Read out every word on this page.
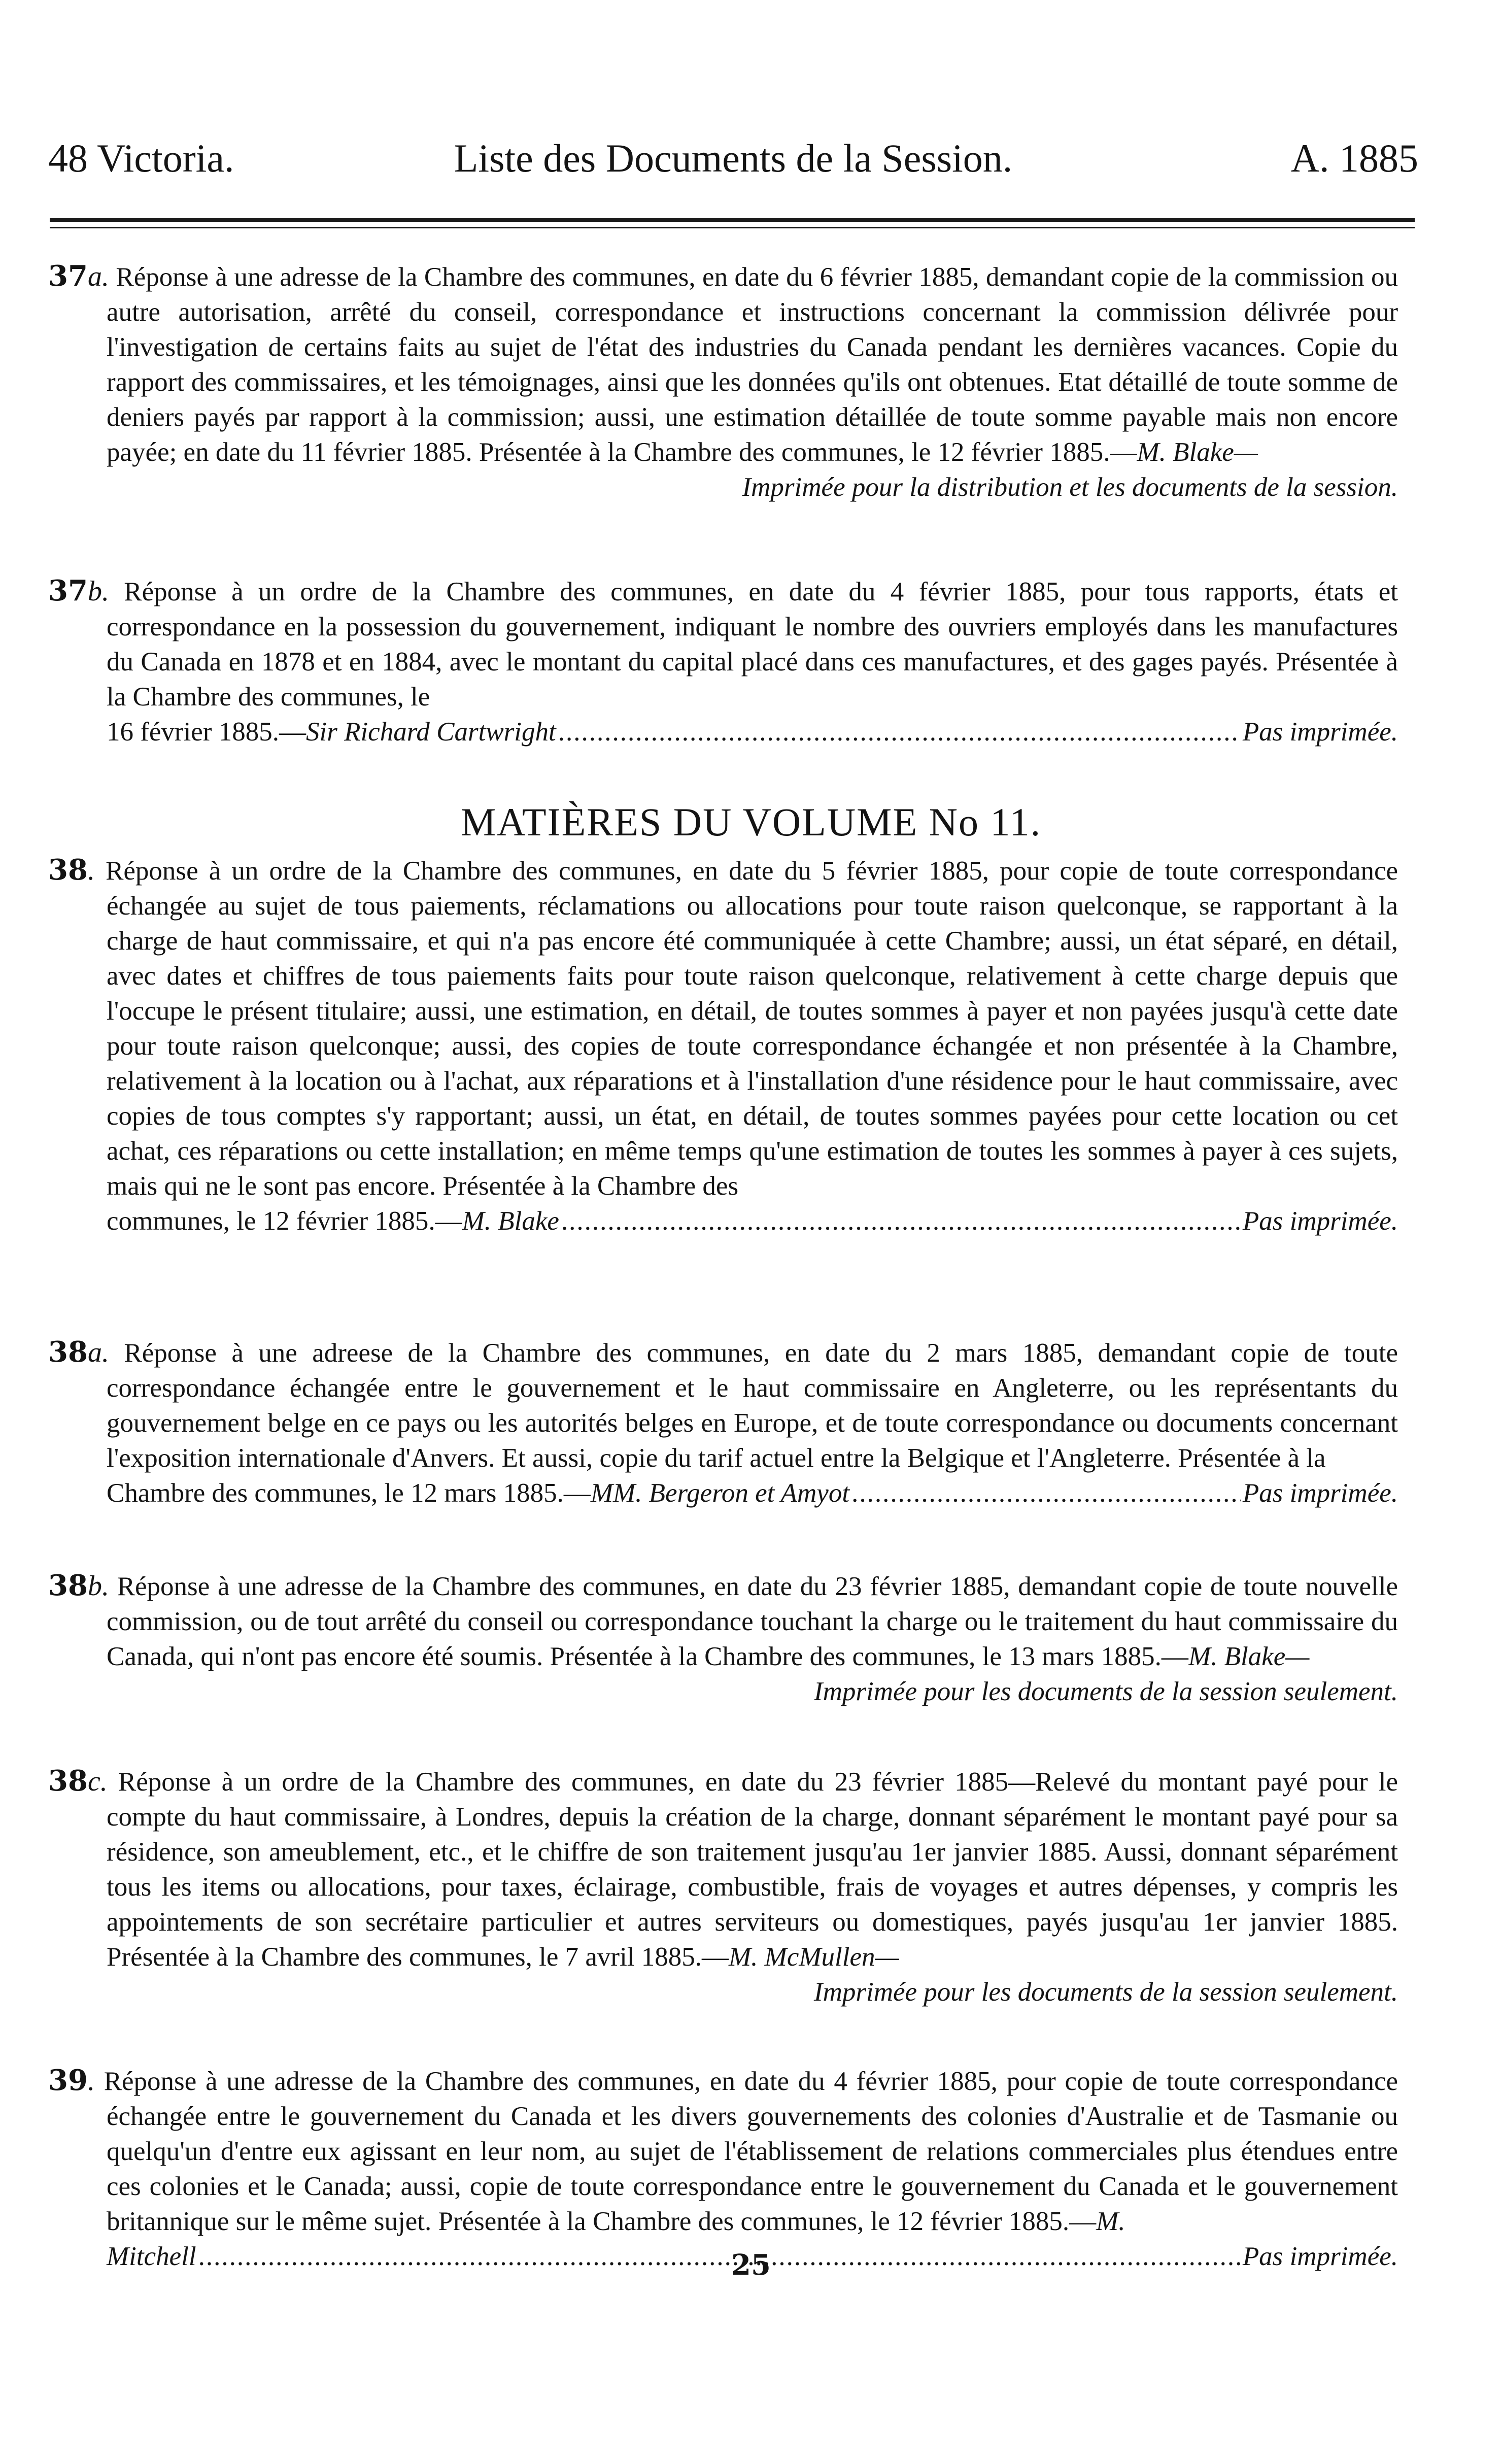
48 Victoria.	Liste des Documents de la Session.	A. 1885

37a. Réponse à une adresse de la Chambre des communes, en date du 6 février 1885, demandant copie de la commission ou autre autorisation, arrêté du conseil, correspondance et instructions concernant la commission délivrée pour l'investigation de certains faits au sujet de l'état des industries du Canada pendant les dernières vacances. Copie du rapport des commissaires, et les témoignages, ainsi que les données qu'ils ont obtenues. Etat détaillé de toute somme de deniers payés par rapport à la commission; aussi, une estimation détaillée de toute somme payable mais non encore payée; en date du 11 février 1885. Présentée à la Chambre des communes, le 12 février 1885.—M. Blake—
Imprimée pour la distribution et les documents de la session.

37b. Réponse à un ordre de la Chambre des communes, en date du 4 février 1885, pour tous rapports, états et correspondance en la possession du gouvernement, indiquant le nombre des ouvriers employés dans les manufactures du Canada en 1878 et en 1884, avec le montant du capital placé dans ces manufactures, et des gages payés. Présentée à la Chambre des communes, le
16 février 1885.—Sir Richard Cartwright .....	Pas imprimée.

MATIÈRES DU VOLUME No 11.

38. Réponse à un ordre de la Chambre des communes, en date du 5 février 1885, pour copie de toute correspondance échangée au sujet de tous paiements, réclamations ou allocations pour toute raison quelconque, se rapportant à la charge de haut commissaire, et qui n'a pas encore été communiquée à cette Chambre; aussi, un état séparé, en détail, avec dates et chiffres de tous paiements faits pour toute raison quelconque, relativement à cette charge depuis que l'occupe le présent titulaire; aussi, une estimation, en détail, de toutes sommes à payer et non payées jusqu'à cette date pour toute raison quelconque; aussi, des copies de toute correspondance échangée et non présentée à la Chambre, relativement à la location ou à l'achat, aux réparations et à l'installation d'une résidence pour le haut commissaire, avec copies de tous comptes s'y rapportant; aussi, un état, en détail, de toutes sommes payées pour cette location ou cet achat, ces réparations ou cette installation; en même temps qu'une estimation de toutes les sommes à payer à ces sujets, mais qui ne le sont pas encore. Présentée à la Chambre des
communes, le 12 février 1885.—M. Blake .....	Pas imprimée.

38a. Réponse à une adreese de la Chambre des communes, en date du 2 mars 1885, demandant copie de toute correspondance échangée entre le gouvernement et le haut commissaire en Angleterre, ou les représentants du gouvernement belge en ce pays ou les autorités belges en Europe, et de toute correspondance ou documents concernant l'exposition internationale d'Anvers. Et aussi, copie du tarif actuel entre la Belgique et l'Angleterre. Présentée à la
Chambre des communes, le 12 mars 1885.—MM. Bergeron et Amyot .....	Pas imprimée.

38b. Réponse à une adresse de la Chambre des communes, en date du 23 février 1885, demandant copie de toute nouvelle commission, ou de tout arrêté du conseil ou correspondance touchant la charge ou le traitement du haut commissaire du Canada, qui n'ont pas encore été soumis. Présentée à la Chambre des communes, le 13 mars 1885.—M. Blake—
Imprimée pour les documents de la session seulement.

38c. Réponse à un ordre de la Chambre des communes, en date du 23 février 1885—Relevé du montant payé pour le compte du haut commissaire, à Londres, depuis la création de la charge, donnant séparément le montant payé pour sa résidence, son ameublement, etc., et le chiffre de son traitement jusqu'au 1er janvier 1885. Aussi, donnant séparément tous les items ou allocations, pour taxes, éclairage, combustible, frais de voyages et autres dépenses, y compris les appointements de son secrétaire particulier et autres serviteurs ou domestiques, payés jusqu'au 1er janvier 1885. Présentée à la Chambre des communes, le 7 avril 1885.—M. McMullen—
Imprimée pour les documents de la session seulement.

39. Réponse à une adresse de la Chambre des communes, en date du 4 février 1885, pour copie de toute correspondance échangée entre le gouvernement du Canada et les divers gouvernements des colonies d'Australie et de Tasmanie ou quelqu'un d'entre eux agissant en leur nom, au sujet de l'établissement de relations commerciales plus étendues entre ces colonies et le Canada; aussi, copie de toute correspondance entre le gouvernement du Canada et le gouvernement britannique sur le même sujet. Présentée à la Chambre des communes, le 12 février 1885.—M.
Mitchell .....	Pas imprimée.

25
